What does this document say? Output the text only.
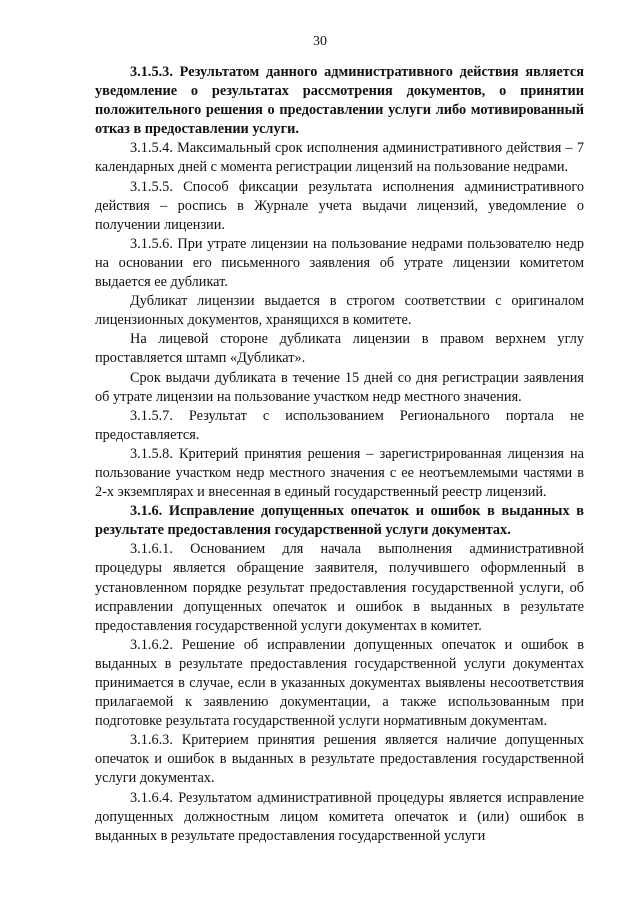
30

3.1.5.3. Результатом данного административного действия является уведомление о результатах рассмотрения документов, о принятии положительного решения о предоставлении услуги либо мотивированный отказ в предоставлении услуги.

3.1.5.4. Максимальный срок исполнения административного действия – 7 календарных дней с момента регистрации лицензий на пользование недрами.

3.1.5.5. Способ фиксации результата исполнения административного действия – роспись в Журнале учета выдачи лицензий, уведомление о получении лицензии.

3.1.5.6. При утрате лицензии на пользование недрами пользователю недр на основании его письменного заявления об утрате лицензии комитетом выдается ее дубликат.

Дубликат лицензии выдается в строгом соответствии с оригиналом лицензионных документов, хранящихся в комитете.

На лицевой стороне дубликата лицензии в правом верхнем углу проставляется штамп «Дубликат».

Срок выдачи дубликата в течение 15 дней со дня регистрации заявления об утрате лицензии на пользование участком недр местного значения.

3.1.5.7. Результат с использованием Регионального портала не предоставляется.

3.1.5.8. Критерий принятия решения – зарегистрированная лицензия на пользование участком недр местного значения с ее неотъемлемыми частями в 2-х экземплярах и внесенная в единый государственный реестр лицензий.

3.1.6. Исправление допущенных опечаток и ошибок в выданных в результате предоставления государственной услуги документах.

3.1.6.1. Основанием для начала выполнения административной процедуры является обращение заявителя, получившего оформленный в установленном порядке результат предоставления государственной услуги, об исправлении допущенных опечаток и ошибок в выданных в результате предоставления государственной услуги документах в комитет.

3.1.6.2. Решение об исправлении допущенных опечаток и ошибок в выданных в результате предоставления государственной услуги документах принимается в случае, если в указанных документах выявлены несоответствия прилагаемой к заявлению документации, а также использованным при подготовке результата государственной услуги нормативным документам.

3.1.6.3. Критерием принятия решения является наличие допущенных опечаток и ошибок в выданных в результате предоставления государственной услуги документах.

3.1.6.4. Результатом административной процедуры является исправление допущенных должностным лицом комитета опечаток и (или) ошибок в выданных в результате предоставления государственной услуги
